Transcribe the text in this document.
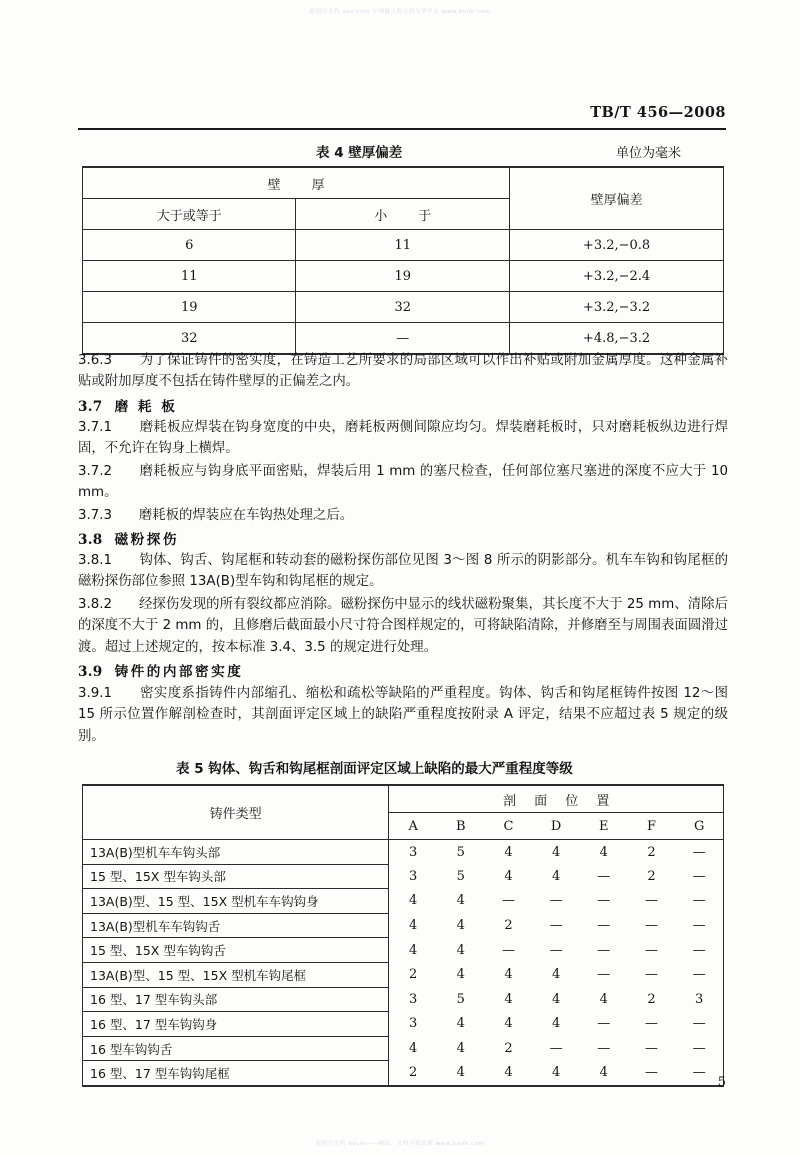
原创力文档 doc.com 中国最大的文档分享平台 www.book.com
TB/T 456—2008
表 4 壁厚偏差	单位为毫米
壁　厚		壁厚偏差
大于或等于	小　于	
6	11	+3.2,−0.8
11	19	+3.2,−2.4
19	32	+3.2,−3.2
32	—	+4.8,−3.2
3.6.3　　为了保证铸件的密实度，在铸造工艺所要求的局部区域可以作出补贴或附加金属厚度。这种金属补贴或附加厚度不包括在铸件壁厚的正偏差之内。
3.7 磨 耗 板
3.7.1　　磨耗板应焊装在钩身宽度的中央，磨耗板两侧间隙应均匀。焊装磨耗板时，只对磨耗板纵边进行焊固，不允许在钩身上横焊。
3.7.2　　磨耗板应与钩身底平面密贴，焊装后用 1 mm 的塞尺检查，任何部位塞尺塞进的深度不应大于 10 mm。
3.7.3　　磨耗板的焊装应在车钩热处理之后。
3.8 磁粉探伤
3.8.1　　钩体、钩舌、钩尾框和转动套的磁粉探伤部位见图 3～图 8 所示的阴影部分。机车车钩和钩尾框的磁粉探伤部位参照 13A(B)型车钩和钩尾框的规定。
3.8.2　　经探伤发现的所有裂纹都应消除。磁粉探伤中显示的线状磁粉聚集，其长度不大于 25 mm、清除后的深度不大于 2 mm 的，且修磨后截面最小尺寸符合图样规定的，可将缺陷清除，并修磨至与周围表面圆滑过渡。超过上述规定的，按本标准 3.4、3.5 的规定进行处理。
3.9 铸件的内部密实度
3.9.1　　密实度系指铸件内部缩孔、缩松和疏松等缺陷的严重程度。钩体、钩舌和钩尾框铸件按图 12～图 15 所示位置作解剖检查时，其剖面评定区域上的缺陷严重程度按附录 A 评定，结果不应超过表 5 规定的级别。
表 5 钩体、钩舌和钩尾框剖面评定区域上缺陷的最大严重程度等级
铸件类型	剖 面 位 置						
	A	B	C	D	E	F	G
13A(B)型机车车钩头部	3	5	4	4	4	2	—
15 型、15X 型车钩头部	3	5	4	4	—	2	—
13A(B)型、15 型、15X 型机车车钩钩身	4	4	—	—	—	—	—
13A(B)型机车车钩钩舌	4	4	2	—	—	—	—
15 型、15X 型车钩钩舌	4	4	—	—	—	—	—
13A(B)型、15 型、15X 型机车钩尾框	2	4	4	4	—	—	—
16 型、17 型车钩头部	3	5	4	4	4	2	3
16 型、17 型车钩钩身	3	4	4	4	—	—	—
16 型车钩钩舌	4	4	2	—	—	—	—
16 型、17 型车钩钩尾框	2	4	4	4	4	—	—
5
原创力文档 docin——网站：文档下载资源 www.book.com
